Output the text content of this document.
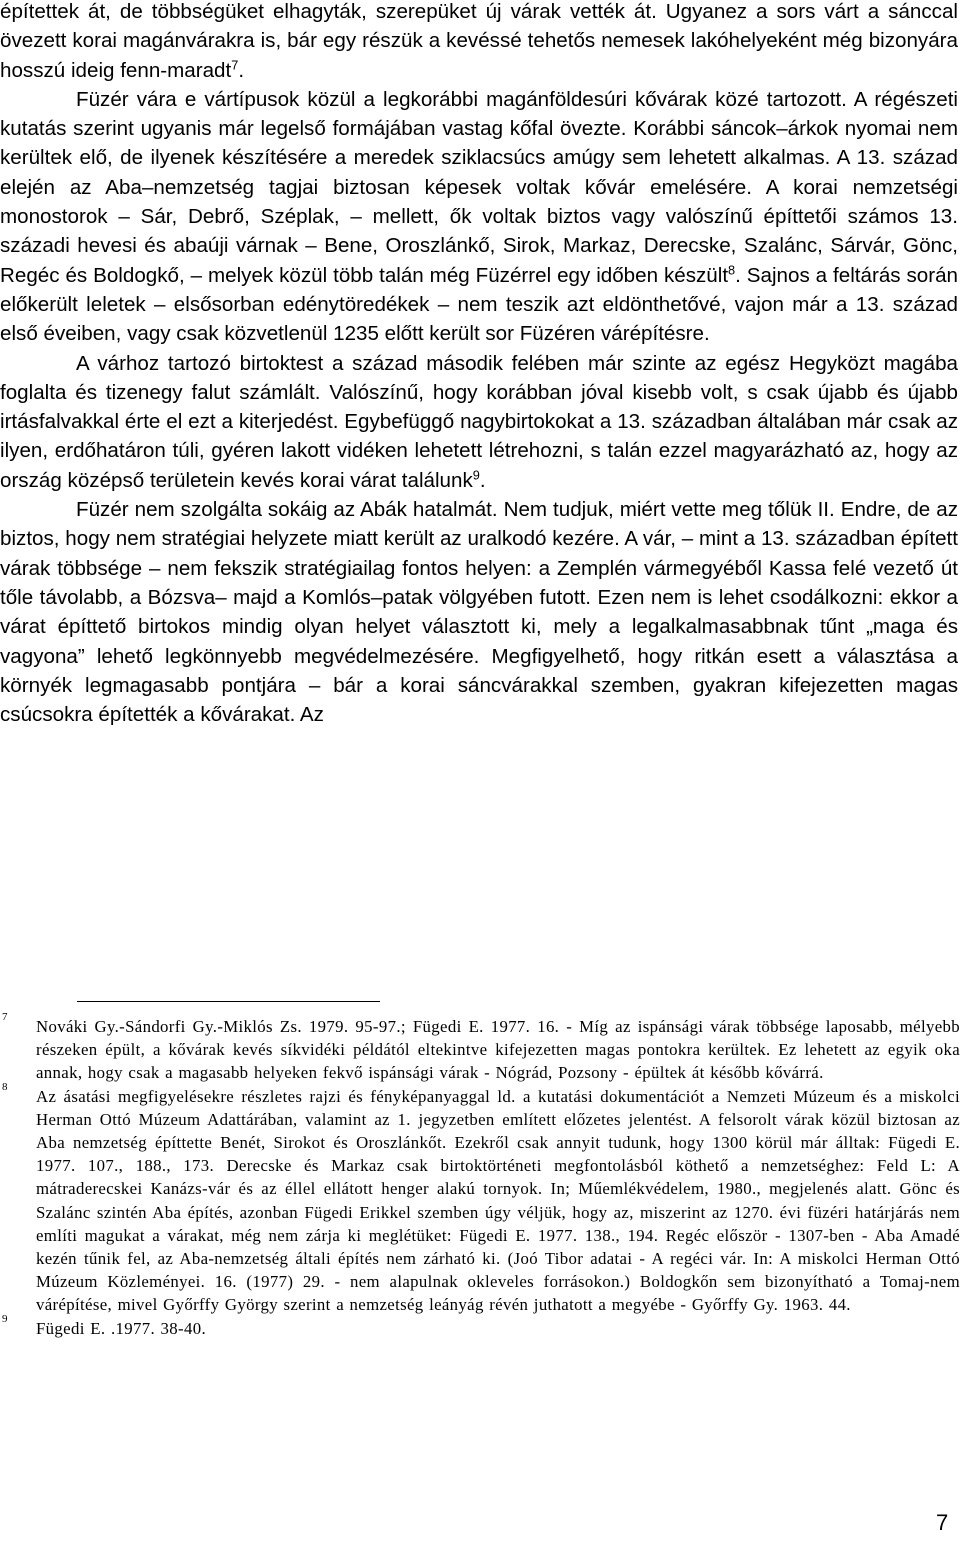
építettek át, de többségüket elhagyták, szerepüket új várak vették át. Ugyanez a sors várt a sánccal övezett korai magánvárakra is, bár egy részük a kevéssé tehetős nemesek lakóhelyeként még bizonyára hosszú ideig fenn-maradt$^7$.

Füzér vára e vártípusok közül a legkorábbi magánföldesúri kővárak közé tartozott. A régészeti kutatás szerint ugyanis már legelső formájában vastag kőfal övezte. Korábbi sáncok–árkok nyomai nem kerültek elő, de ilyenek készítésére a meredek sziklacsúcs amúgy sem lehetett alkalmas. A 13. század elején az Aba–nemzetség tagjai biztosan képesek voltak kővár emelésére. A korai nemzetségi monostorok – Sár, Debrő, Széplak, – mellett, ők voltak biztos vagy valószínű építtetői számos 13. századi hevesi és abaúji várnak – Bene, Oroszlánkő, Sirok, Markaz, Derecske, Szalánc, Sárvár, Gönc, Regéc és Boldogkő, – melyek közül több talán még Füzérrel egy időben készült$^8$. Sajnos a feltárás során előkerült leletek – elsősorban edénytöredékek – nem teszik azt eldönthetővé, vajon már a 13. század első éveiben, vagy csak közvetlenül 1235 előtt került sor Füzéren várépítésre.

A várhoz tartozó birtoktest a század második felében már szinte az egész Hegyközt magába foglalta és tizenegy falut számlált. Valószínű, hogy korábban jóval kisebb volt, s csak újabb és újabb irtásfalvakkal érte el ezt a kiterjedést. Egybefüggő nagybirtokokat a 13. században általában már csak az ilyen, erdőhatáron túli, gyéren lakott vidéken lehetett létrehozni, s talán ezzel magyarázható az, hogy az ország középső területein kevés korai várat találunk$^9$.

Füzér nem szolgálta sokáig az Abák hatalmát. Nem tudjuk, miért vette meg tőlük II. Endre, de az biztos, hogy nem stratégiai helyzete miatt került az uralkodó kezére. A vár, – mint a 13. században épített várak többsége – nem fekszik stratégiailag fontos helyen: a Zemplén vármegyéből Kassa felé vezető út tőle távolabb, a Bózsva– majd a Komlós–patak völgyében futott. Ezen nem is lehet csodálkozni: ekkor a várat építtető birtokos mindig olyan helyet választott ki, mely a legalkalmasabbnak tűnt „maga és vagyona” lehető legkönnyebb megvédelmezésére. Megfigyelhető, hogy ritkán esett a választása a környék legmagasabb pontjára – bár a korai sáncvárakkal szemben, gyakran kifejezetten magas csúcsokra építették a kővárakat. Az

7 Nováki Gy.-Sándorfi Gy.-Miklós Zs. 1979. 95-97.; Fügedi E. 1977. 16. - Míg az ispánsági várak többsége laposabb, mélyebb részeken épült, a kővárak kevés síkvidéki példától eltekintve kifejezetten magas pontokra kerültek. Ez lehetett az egyik oka annak, hogy csak a magasabb helyeken fekvő ispánsági várak - Nógrád, Pozsony - épültek át később kővárrá.

8 Az ásatási megfigyelésekre részletes rajzi és fényképanyaggal ld. a kutatási dokumentációt a Nemzeti Múzeum és a miskolci Herman Ottó Múzeum Adattárában, valamint az 1. jegyzetben említett előzetes jelentést. A felsorolt várak közül biztosan az Aba nemzetség építtette Benét, Sirokot és Oroszlánkőt. Ezekről csak annyit tudunk, hogy 1300 körül már álltak: Fügedi E. 1977. 107., 188., 173. Derecske és Markaz csak birtoktörténeti megfontolásból köthető a nemzetséghez: Feld L: A mátraderecskei Kanázs-vár és az éllel ellátott henger alakú tornyok. In; Műemlékvédelem, 1980., megjelenés alatt. Gönc és Szalánc szintén Aba építés, azonban Fügedi Erikkel szemben úgy véljük, hogy az, miszerint az 1270. évi füzéri határjárás nem említi magukat a várakat, még nem zárja ki meglétüket: Fügedi E. 1977. 138., 194. Regéc először - 1307-ben - Aba Amadé kezén tűnik fel, az Aba-nemzetség általi építés nem zárható ki. (Joó Tibor adatai - A regéci vár. In: A miskolci Herman Ottó Múzeum Közleményei. 16. (1977) 29. - nem alapulnak okleveles forrásokon.) Boldogkőn sem bizonyítható a Tomaj-nem várépítése, mivel Győrffy György szerint a nemzetség leányág révén juthatott a megyébe - Győrffy Gy. 1963. 44.

9 Fügedi E. .1977. 38-40.

7
